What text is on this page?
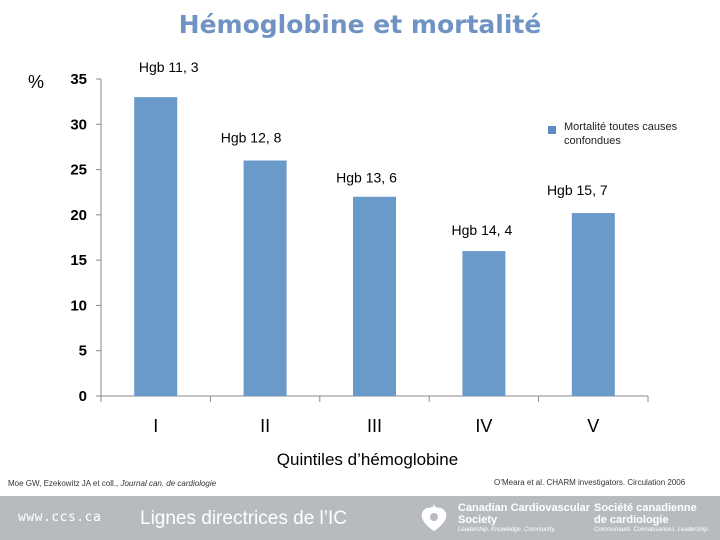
Hémoglobine et mortalité
%
0
5
10
15
20
25
30
35
I
Hgb 11, 3
II
Hgb 12, 8
III
Hgb 13, 6
IV
Hgb 14, 4
V
Hgb 15, 7
Quintiles d’hémoglobine
Mortalité toutes causes confondues
Moe GW, Ezekowitz JA et coll., Journal can. de cardiologie	O’Meara et al. CHARM investigators. Circulation 2006
www.ccs.ca Lignes directrices de l’IC	Canadian Cardiovascular
Society
Leadership. Knowledge. Community.
Société canadienne
de cardiologie
Communauté. Connaissances. Leadership.
